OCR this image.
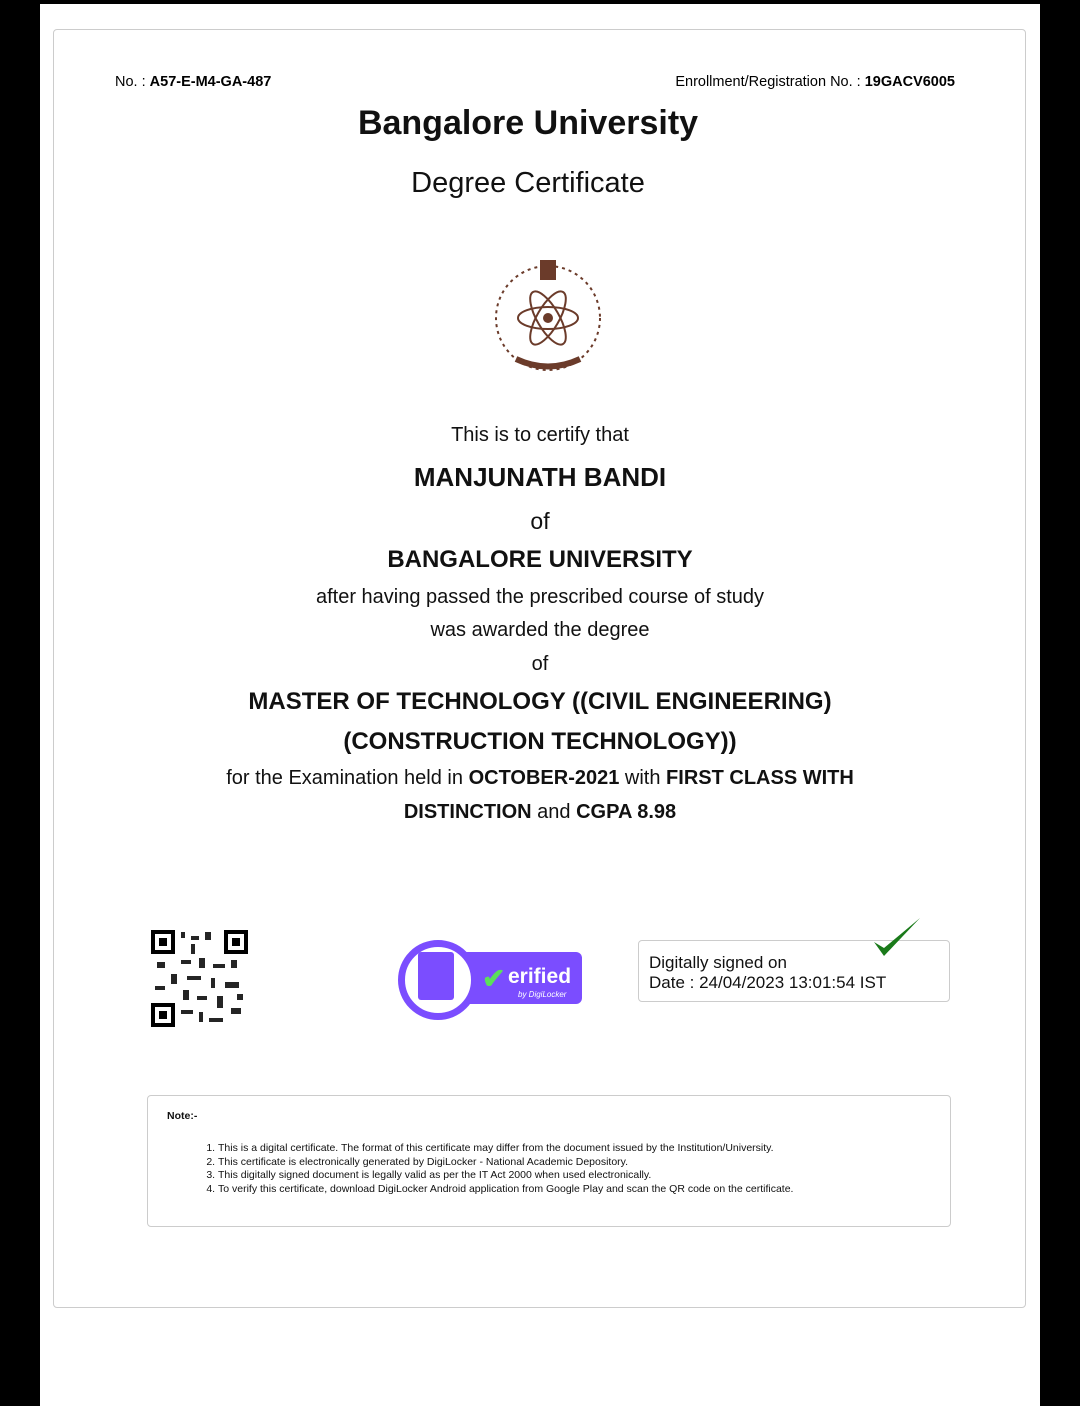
No. : A57-E-M4-GA-487	Enrollment/Registration No. : 19GACV6005
Bangalore University
Degree Certificate
This is to certify that
MANJUNATH BANDI
of
BANGALORE UNIVERSITY
after having passed the prescribed course of study
was awarded the degree
of
MASTER OF TECHNOLOGY ((CIVIL ENGINEERING)
(CONSTRUCTION TECHNOLOGY))
for the Examination held in OCTOBER-2021 with FIRST CLASS WITH
DISTINCTION and CGPA 8.98
✔ erified
by DigiLocker
Digitally signed on
Date : 24/04/2023 13:01:54 IST
Note:-
1. This is a digital certificate. The format of this certificate may differ from the document issued by the Institution/University.
2. This certificate is electronically generated by DigiLocker - National Academic Depository.
3. This digitally signed document is legally valid as per the IT Act 2000 when used electronically.
4. To verify this certificate, download DigiLocker Android application from Google Play and scan the QR code on the certificate.
